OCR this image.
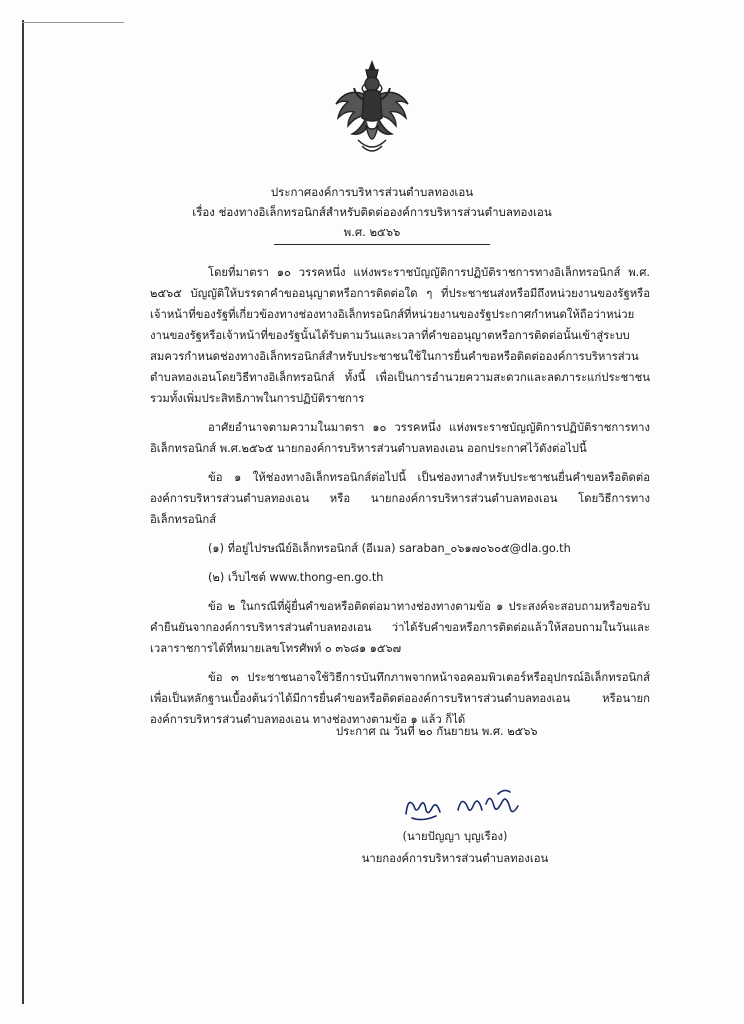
ประกาศองค์การบริหารส่วนตำบลทองเอน
เรื่อง ช่องทางอิเล็กทรอนิกส์สำหรับติดต่อองค์การบริหารส่วนตำบลทองเอน
พ.ศ. ๒๕๖๖

โดยที่มาตรา ๑๐ วรรคหนึ่ง แห่งพระราชบัญญัติการปฏิบัติราชการทางอิเล็กทรอนิกส์ พ.ศ. ๒๕๖๕ บัญญัติให้บรรดาคำขออนุญาตหรือการติดต่อใด ๆ ที่ประชาชนส่งหรือมีถึงหน่วยงานของรัฐหรือเจ้าหน้าที่ของรัฐที่เกี่ยวข้องทางช่องทางอิเล็กทรอนิกส์ที่หน่วยงานของรัฐประกาศกำหนดให้ถือว่าหน่วยงานของรัฐหรือเจ้าหน้าที่ของรัฐนั้นได้รับตามวันและเวลาที่คำขออนุญาตหรือการติดต่อนั้นเข้าสู่ระบบ สมควรกำหนดช่องทางอิเล็กทรอนิกส์สำหรับประชาชนใช้ในการยื่นคำขอหรือติดต่อองค์การบริหารส่วนตำบลทองเอนโดยวิธีทางอิเล็กทรอนิกส์ ทั้งนี้ เพื่อเป็นการอำนวยความสะดวกและลดภาระแก่ประชาชน รวมทั้งเพิ่มประสิทธิภาพในการปฏิบัติราชการ

อาศัยอำนาจตามความในมาตรา ๑๐ วรรคหนึ่ง แห่งพระราชบัญญัติการปฏิบัติราชการทางอิเล็กทรอนิกส์ พ.ศ.๒๕๖๕ นายกองค์การบริหารส่วนตำบลทองเอน ออกประกาศไว้ดังต่อไปนี้

ข้อ ๑ ให้ช่องทางอิเล็กทรอนิกส์ต่อไปนี้ เป็นช่องทางสำหรับประชาชนยื่นคำขอหรือติดต่อองค์การบริหารส่วนตำบลทองเอน หรือ นายกองค์การบริหารส่วนตำบลทองเอน โดยวิธีการทางอิเล็กทรอนิกส์

(๑) ที่อยู่ไปรษณีย์อิเล็กทรอนิกส์ (อีเมล) saraban_๐๖๑๗๐๖๐๕@dla.go.th

(๒) เว็บไซต์ www.thong-en.go.th

ข้อ ๒ ในกรณีที่ผู้ยื่นคำขอหรือติดต่อมาทางช่องทางตามข้อ ๑ ประสงค์จะสอบถามหรือขอรับคำยืนยันจากองค์การบริหารส่วนตำบลทองเอน ว่าได้รับคำขอหรือการติดต่อแล้วให้สอบถามในวันและเวลาราชการได้ที่หมายเลขโทรศัพท์ ๐ ๓๖๘๑ ๑๕๖๗

ข้อ ๓ ประชาชนอาจใช้วิธีการบันทึกภาพจากหน้าจอคอมพิวเตอร์หรืออุปกรณ์อิเล็กทรอนิกส์เพื่อเป็นหลักฐานเบื้องต้นว่าได้มีการยื่นคำขอหรือติดต่อองค์การบริหารส่วนตำบลทองเอน หรือนายกองค์การบริหารส่วนตำบลทองเอน ทางช่องทางตามข้อ ๑ แล้ว ก็ได้

ประกาศ ณ วันที่ ๒๐ กันยายน พ.ศ. ๒๕๖๖
(นายปัญญา บุญเรือง)
นายกองค์การบริหารส่วนตำบลทองเอน
